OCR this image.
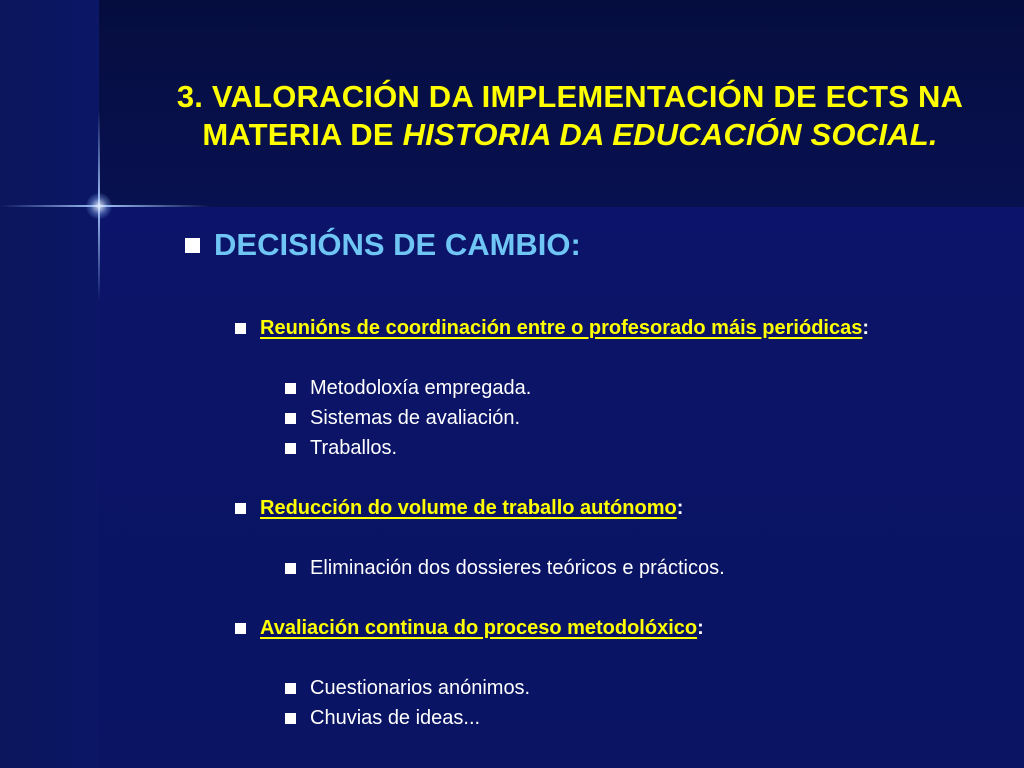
3. VALORACIÓN DA IMPLEMENTACIÓN DE ECTS NA
MATERIA DE HISTORIA DA EDUCACIÓN SOCIAL.
DECISIÓNS DE CAMBIO:
Reunións de coordinación entre o profesorado máis periódicas :
Metodoloxía empregada.
Sistemas de avaliación.
Traballos.
Reducción do volume de traballo autónomo :
Eliminación dos dossieres teóricos e prácticos.
Avaliación continua do proceso metodolóxico :
Cuestionarios anónimos.
Chuvias de ideas...
